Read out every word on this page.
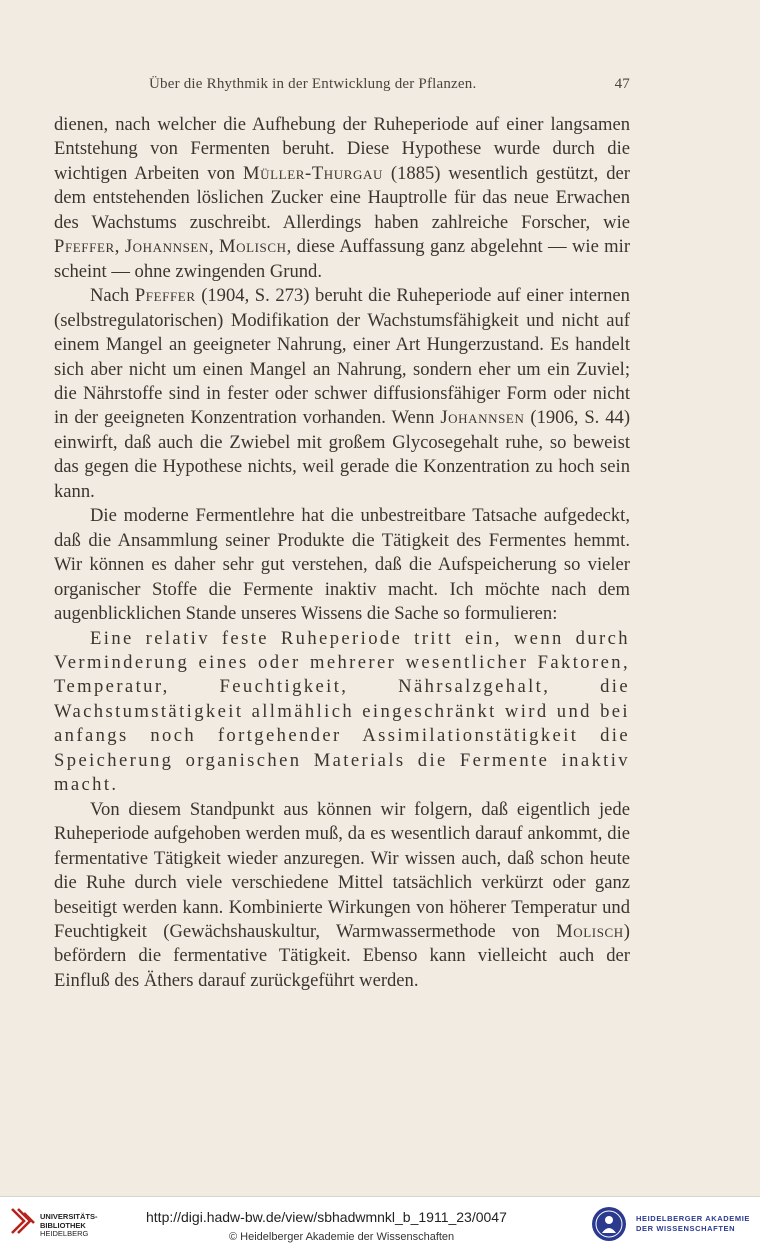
Über die Rhythmik in der Entwicklung der Pflanzen.	47

dienen, nach welcher die Aufhebung der Ruheperiode auf einer langsamen Entstehung von Fermenten beruht. Diese Hypothese wurde durch die wichtigen Arbeiten von Müller-Thurgau (1885) wesentlich gestützt, der dem entstehenden löslichen Zucker eine Hauptrolle für das neue Erwachen des Wachstums zuschreibt. Allerdings haben zahlreiche Forscher, wie Pfeffer, Johannsen, Molisch, diese Auffassung ganz abgelehnt — wie mir scheint — ohne zwingenden Grund.

Nach Pfeffer (1904, S. 273) beruht die Ruheperiode auf einer internen (selbstregulatorischen) Modifikation der Wachstumsfähigkeit und nicht auf einem Mangel an geeigneter Nahrung, einer Art Hungerzustand. Es handelt sich aber nicht um einen Mangel an Nahrung, sondern eher um ein Zuviel; die Nährstoffe sind in fester oder schwer diffusionsfähiger Form oder nicht in der geeigneten Konzentration vorhanden. Wenn Johannsen (1906, S. 44) einwirft, daß auch die Zwiebel mit großem Glycosegehalt ruhe, so beweist das gegen die Hypothese nichts, weil gerade die Konzentration zu hoch sein kann.

Die moderne Fermentlehre hat die unbestreitbare Tatsache aufgedeckt, daß die Ansammlung seiner Produkte die Tätigkeit des Fermentes hemmt. Wir können es daher sehr gut verstehen, daß die Aufspeicherung so vieler organischer Stoffe die Fermente inaktiv macht. Ich möchte nach dem augenblicklichen Stande unseres Wissens die Sache so formulieren:

Eine relativ feste Ruheperiode tritt ein, wenn durch Verminderung eines oder mehrerer wesentlicher Faktoren, Temperatur, Feuchtigkeit, Nährsalzgehalt, die Wachstumstätigkeit allmählich eingeschränkt wird und bei anfangs noch fortgehender Assimilationstätigkeit die Speicherung organischen Materials die Fermente inaktiv macht.

Von diesem Standpunkt aus können wir folgern, daß eigentlich jede Ruheperiode aufgehoben werden muß, da es wesentlich darauf ankommt, die fermentative Tätigkeit wieder anzuregen. Wir wissen auch, daß schon heute die Ruhe durch viele verschiedene Mittel tatsächlich verkürzt oder ganz beseitigt werden kann. Kombinierte Wirkungen von höherer Temperatur und Feuchtigkeit (Gewächshauskultur, Warmwassermethode von Molisch) befördern die fermentative Tätigkeit. Ebenso kann vielleicht auch der Einfluß des Äthers darauf zurückgeführt werden.

UNIVERSITÄTS-
BIBLIOTHEK
HEIDELBERG
http://digi.hadw-bw.de/view/sbhadwmnkl_b_1911_23/0047
© Heidelberger Akademie der Wissenschaften
HEIDELBERGER AKADEMIE
DER WISSENSCHAFTEN
